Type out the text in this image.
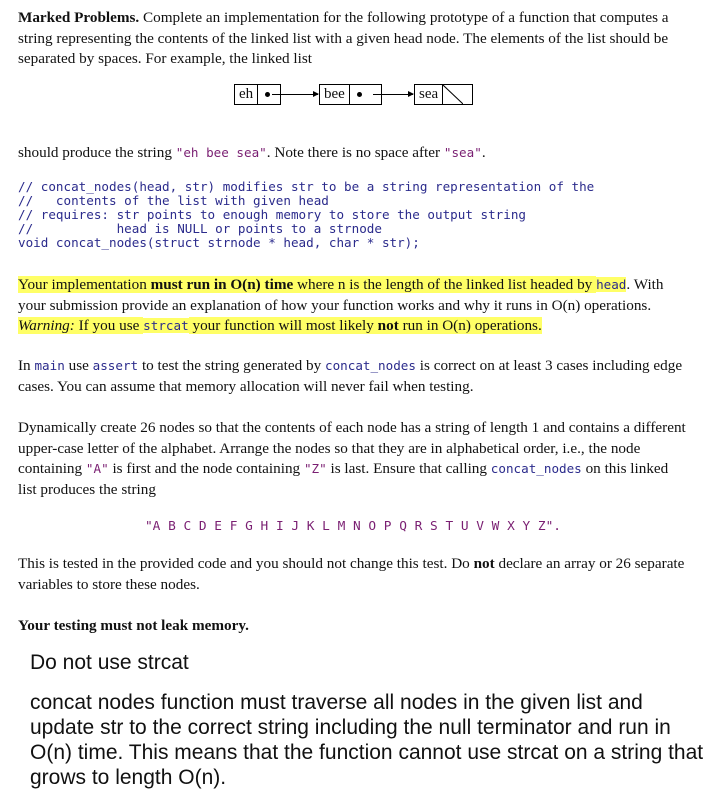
Marked Problems. Complete an implementation for the following prototype of a function that computes a string representing the contents of the linked list with a given head node. The elements of the list should be separated by spaces. For example, the linked list

eh	bee	sea

should produce the string "eh bee sea". Note there is no space after "sea".

// concat_nodes(head, str) modifies str to be a string representation of the
//   contents of the list with given head
// requires: str points to enough memory to store the output string
//           head is NULL or points to a strnode
void concat_nodes(struct strnode * head, char * str);

Your implementation must run in O(n) time where n is the length of the linked list headed by head. With your submission provide an explanation of how your function works and why it runs in O(n) operations. Warning: If you use strcat your function will most likely not run in O(n) operations.

In main use assert to test the string generated by concat_nodes is correct on at least 3 cases including edge cases. You can assume that memory allocation will never fail when testing.

Dynamically create 26 nodes so that the contents of each node has a string of length 1 and contains a different upper-case letter of the alphabet. Arrange the nodes so that they are in alphabetical order, i.e., the node containing "A" is first and the node containing "Z" is last. Ensure that calling concat_nodes on this linked list produces the string

"A B C D E F G H I J K L M N O P Q R S T U V W X Y Z".

This is tested in the provided code and you should not change this test. Do not declare an array or 26 separate variables to store these nodes.

Your testing must not leak memory.

Do not use strcat
concat nodes function must traverse all nodes in the given list and update str to the correct string including the null terminator and run in O(n) time. This means that the function cannot use strcat on a string that grows to length O(n).
